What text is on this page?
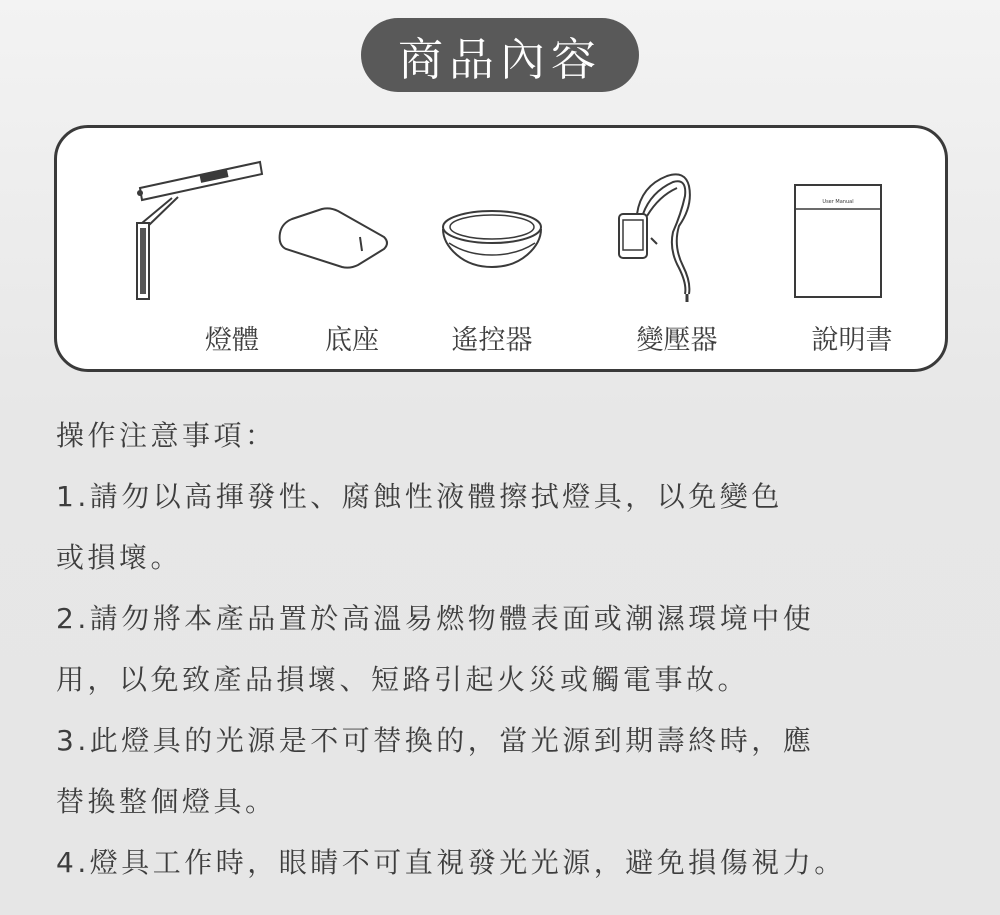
商品內容
燈體	底座	遙控器	變壓器
User Manual
說明書

操作注意事項：

1.請勿以高揮發性、腐蝕性液體擦拭燈具，以免變色

或損壞。

2.請勿將本產品置於高溫易燃物體表面或潮濕環境中使

用，以免致產品損壞、短路引起火災或觸電事故。

3.此燈具的光源是不可替換的，當光源到期壽終時，應

替換整個燈具。

4.燈具工作時，眼睛不可直視發光光源，避免損傷視力。
